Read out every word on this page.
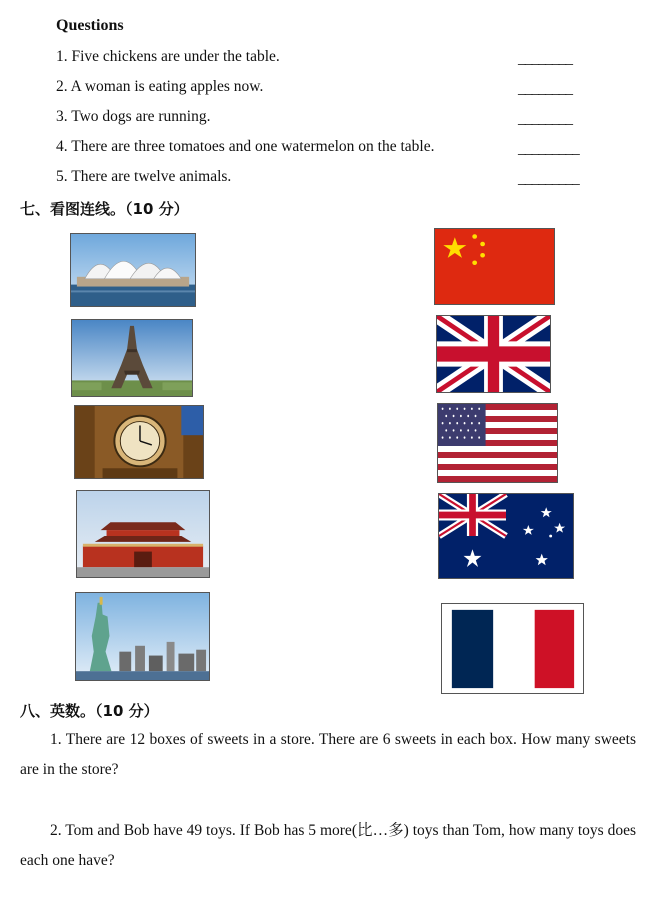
Questions
1. Five chickens are under the table.	________
2. A woman is eating apples now.	________
3. Two dogs are running.	________
4. There are three tomatoes and one watermelon on the table.	_________
5. There are twelve animals.	_________
七、看图连线。（10 分）
八、英数。（10 分）
1. There are 12 boxes of sweets in a store. There are 6 sweets in each box. How many sweets are in the store?
2. Tom and Bob have 49 toys. If Bob has 5 more(比…多) toys than Tom, how many toys does each one have?
